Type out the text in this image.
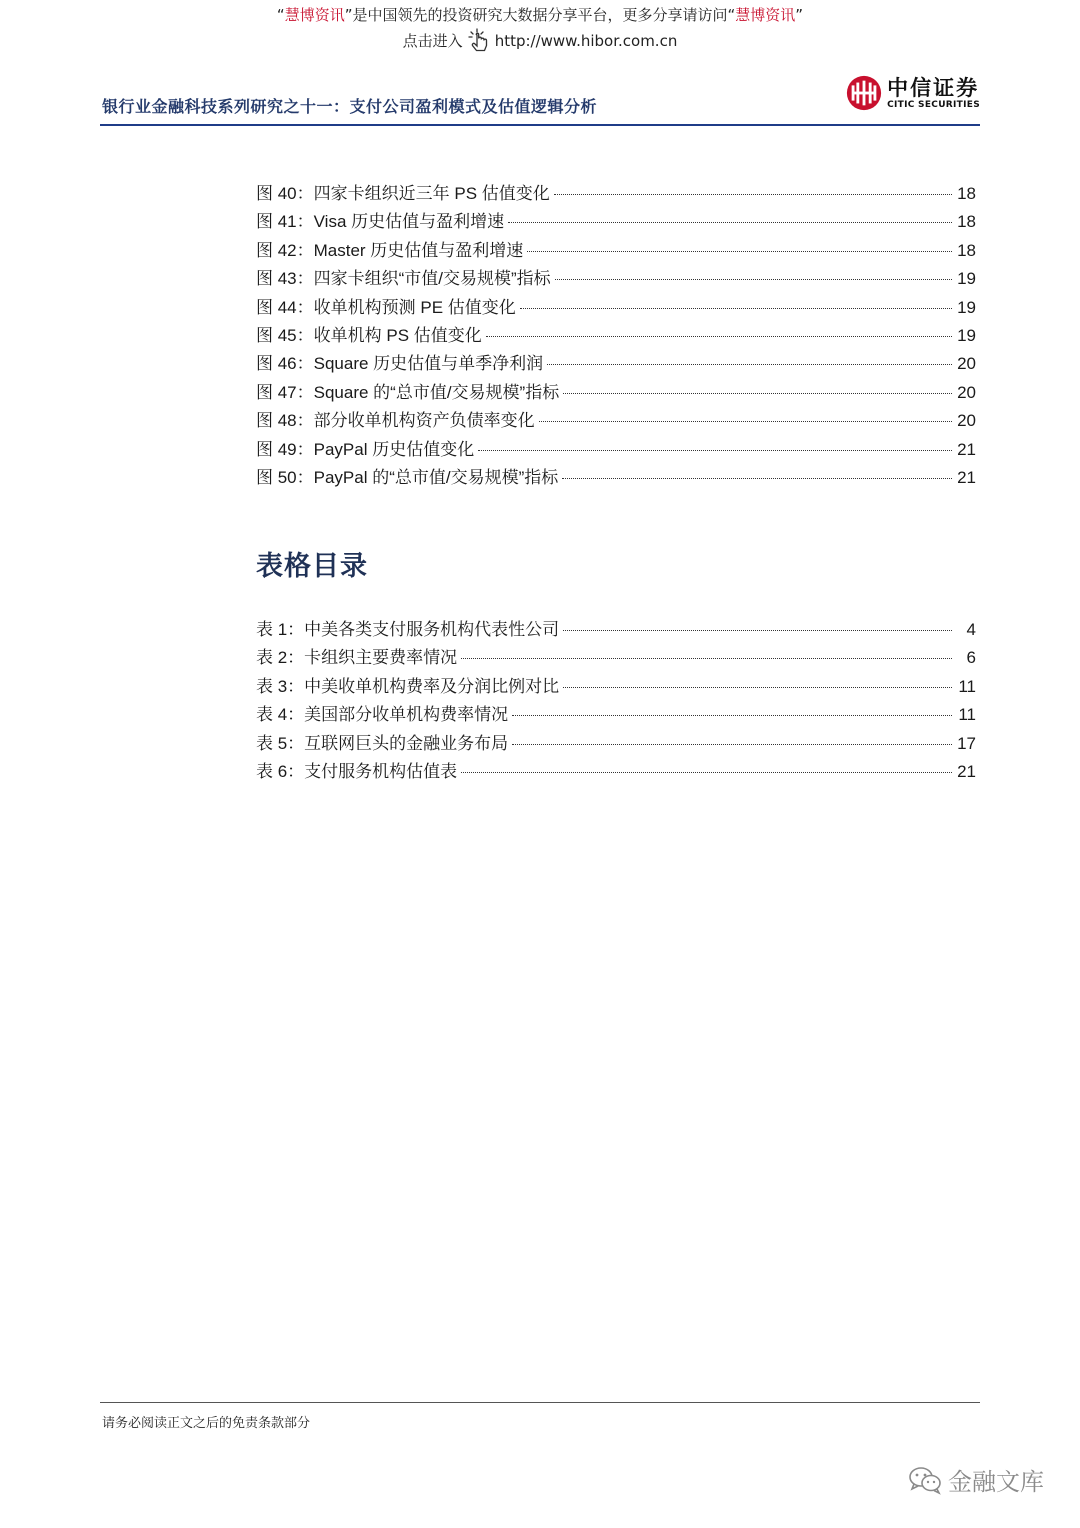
“慧博资讯”是中国领先的投资研究大数据分享平台，更多分享请访问“慧博资讯”
点击进入 http://www.hibor.com.cn
银行业金融科技系列研究之十一：支付公司盈利模式及估值逻辑分析
中信证券
CITIC SECURITIES
图 40：四家卡组织近三年 PS 估值变化	18
图 41：Visa 历史估值与盈利增速	18
图 42：Master 历史估值与盈利增速	18
图 43：四家卡组织“市值/交易规模”指标	19
图 44：收单机构预测 PE 估值变化	19
图 45：收单机构 PS 估值变化	19
图 46：Square 历史估值与单季净利润	20
图 47：Square 的“总市值/交易规模”指标	20
图 48：部分收单机构资产负债率变化	20
图 49：PayPal 历史估值变化	21
图 50：PayPal 的“总市值/交易规模”指标	21
表格目录
表 1：中美各类支付服务机构代表性公司	4
表 2：卡组织主要费率情况	6
表 3：中美收单机构费率及分润比例对比	11
表 4：美国部分收单机构费率情况	11
表 5：互联网巨头的金融业务布局	17
表 6：支付服务机构估值表	21
请务必阅读正文之后的免责条款部分
金融文库
